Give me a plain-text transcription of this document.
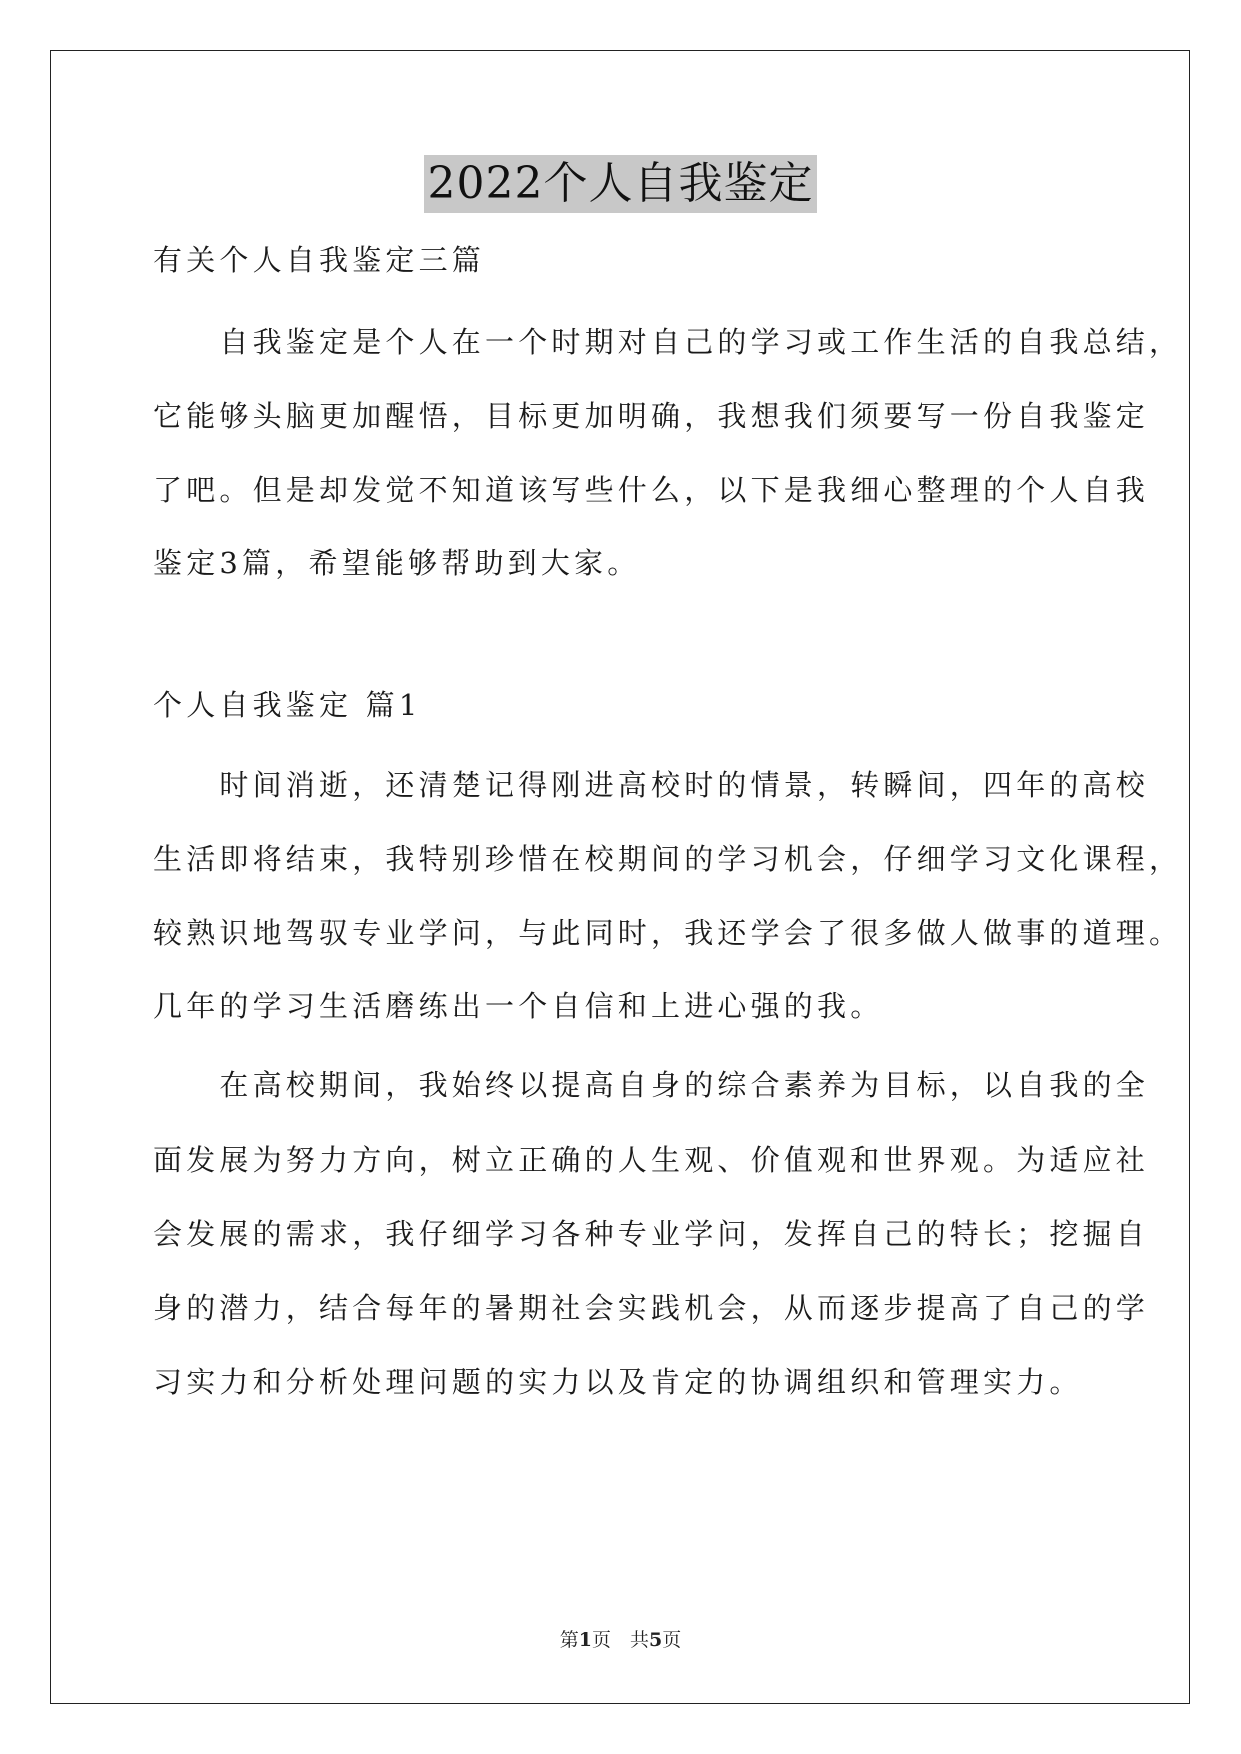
2022个人自我鉴定
有关个人自我鉴定三篇
　　自我鉴定是个人在一个时期对自己的学习或工作生活的自我总结，
它能够头脑更加醒悟，目标更加明确，我想我们须要写一份自我鉴定
了吧。但是却发觉不知道该写些什么，以下是我细心整理的个人自我
鉴定3篇，希望能够帮助到大家。
个人自我鉴定 篇1
　　时间消逝，还清楚记得刚进高校时的情景，转瞬间，四年的高校
生活即将结束，我特别珍惜在校期间的学习机会，仔细学习文化课程，
较熟识地驾驭专业学问，与此同时，我还学会了很多做人做事的道理。
几年的学习生活磨练出一个自信和上进心强的我。
　　在高校期间，我始终以提高自身的综合素养为目标，以自我的全
面发展为努力方向，树立正确的人生观、价值观和世界观。为适应社
会发展的需求，我仔细学习各种专业学问，发挥自己的特长；挖掘自
身的潜力，结合每年的暑期社会实践机会，从而逐步提高了自己的学
习实力和分析处理问题的实力以及肯定的协调组织和管理实力。
第1页　共5页
